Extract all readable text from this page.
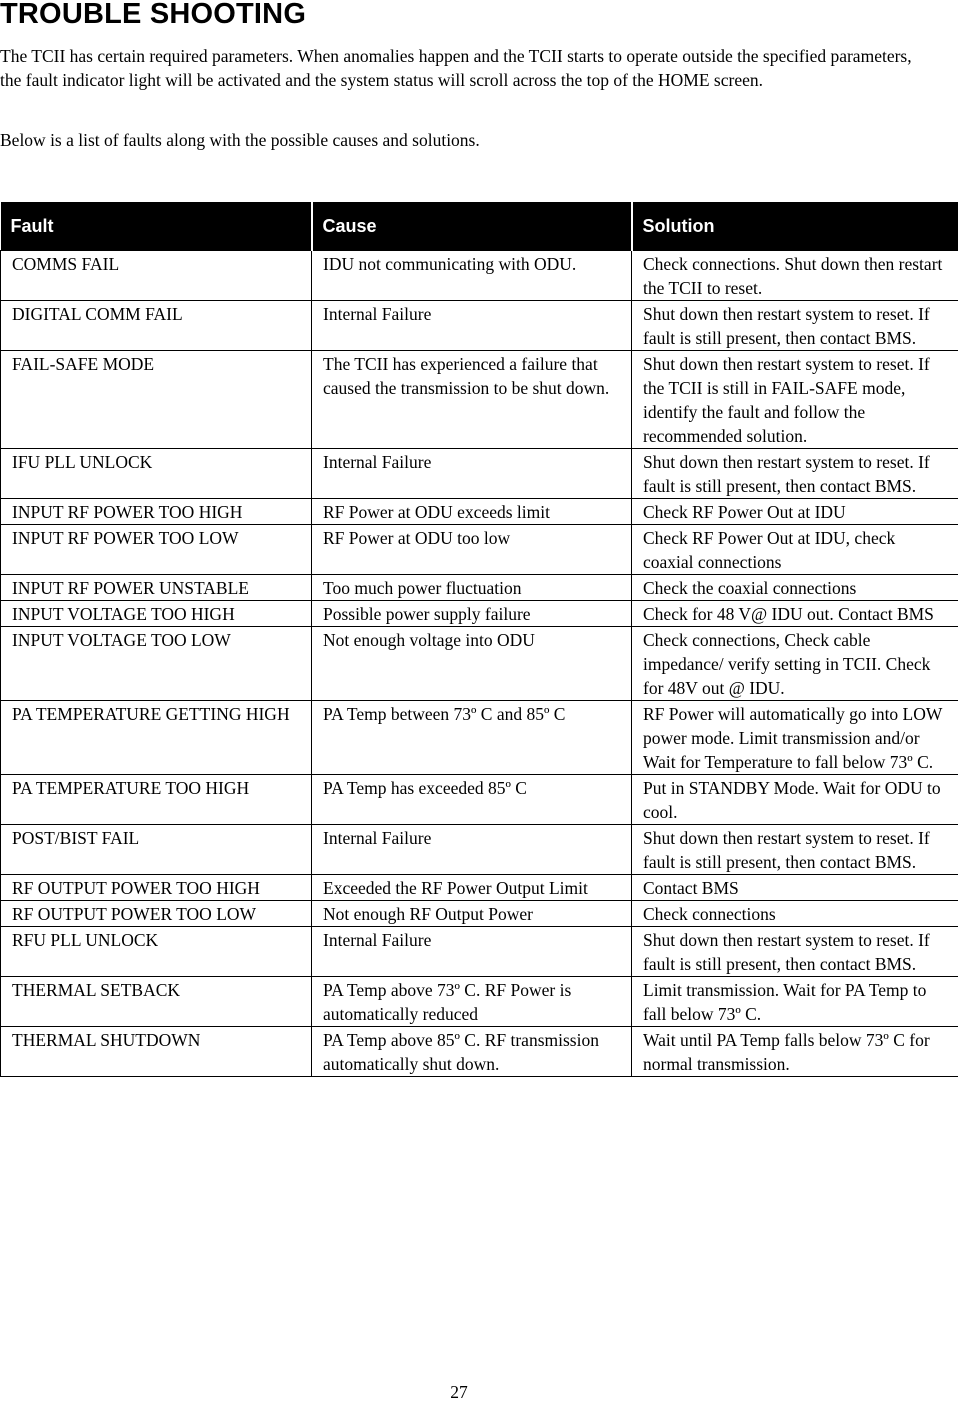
TROUBLE SHOOTING

The TCII has certain required parameters. When anomalies happen and the TCII starts to operate outside the specified parameters, the fault indicator light will be activated and the system status will scroll across the top of the HOME screen.

Below is a list of faults along with the possible causes and solutions.

Fault	Cause	Solution
COMMS FAIL	IDU not communicating with ODU.	Check connections. Shut down then restart the TCII to reset.
DIGITAL COMM FAIL	Internal Failure	Shut down then restart system to reset. If fault is still present, then contact BMS.
FAIL-SAFE MODE	The TCII has experienced a failure that caused the transmission to be shut down.	Shut down then restart system to reset. If the TCII is still in FAIL-SAFE mode, identify the fault and follow the recommended solution.
IFU PLL UNLOCK	Internal Failure	Shut down then restart system to reset. If fault is still present, then contact BMS.
INPUT RF POWER TOO HIGH	RF Power at ODU exceeds limit	Check RF Power Out at IDU
INPUT RF POWER TOO LOW	RF Power at ODU too low	Check RF Power Out at IDU, check coaxial connections
INPUT RF POWER UNSTABLE	Too much power fluctuation	Check the coaxial connections
INPUT VOLTAGE TOO HIGH	Possible power supply failure	Check for 48 V@ IDU out. Contact BMS
INPUT VOLTAGE TOO LOW	Not enough voltage into ODU	Check connections, Check cable impedance/ verify setting in TCII. Check for 48V out @ IDU.
PA TEMPERATURE GETTING HIGH	PA Temp between 73º C and 85º C	RF Power will automatically go into LOW power mode. Limit transmission and/or Wait for Temperature to fall below 73º C.
PA TEMPERATURE TOO HIGH	PA Temp has exceeded 85º C	Put in STANDBY Mode. Wait for ODU to cool.
POST/BIST FAIL	Internal Failure	Shut down then restart system to reset. If fault is still present, then contact BMS.
RF OUTPUT POWER TOO HIGH	Exceeded the RF Power Output Limit	Contact BMS
RF OUTPUT POWER TOO LOW	Not enough RF Output Power	Check connections
RFU PLL UNLOCK	Internal Failure	Shut down then restart system to reset. If fault is still present, then contact BMS.
THERMAL SETBACK	PA Temp above 73º C. RF Power is automatically reduced	Limit transmission. Wait for PA Temp to fall below 73º C.
THERMAL SHUTDOWN	PA Temp above 85º C. RF transmission automatically shut down.	Wait until PA Temp falls below 73º C for normal transmission.
27
